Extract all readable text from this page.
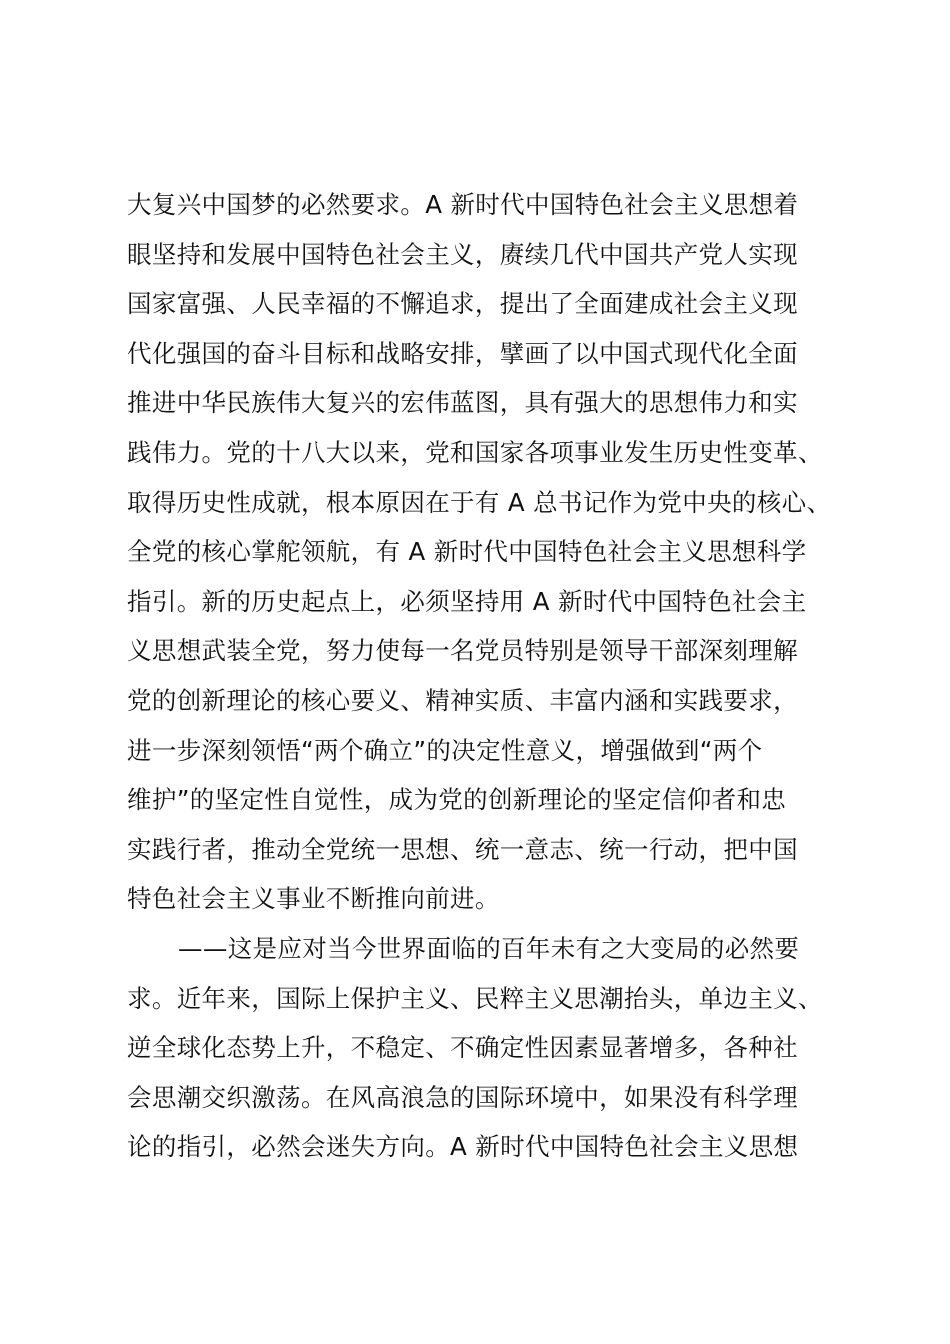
大复兴中国梦的必然要求。A 新时代中国特色社会主义思想着
眼坚持和发展中国特色社会主义，赓续几代中国共产党人实现
国家富强、人民幸福的不懈追求，提出了全面建成社会主义现
代化强国的奋斗目标和战略安排，擘画了以中国式现代化全面
推进中华民族伟大复兴的宏伟蓝图，具有强大的思想伟力和实
践伟力。党的十八大以来，党和国家各项事业发生历史性变革、
取得历史性成就，根本原因在于有 A 总书记作为党中央的核心、
全党的核心掌舵领航，有 A 新时代中国特色社会主义思想科学
指引。新的历史起点上，必须坚持用 A 新时代中国特色社会主
义思想武装全党，努力使每一名党员特别是领导干部深刻理解
党的创新理论的核心要义、精神实质、丰富内涵和实践要求，
进一步深刻领悟“两个确立”的决定性意义，增强做到“两个
维护”的坚定性自觉性，成为党的创新理论的坚定信仰者和忠
实践行者，推动全党统一思想、统一意志、统一行动，把中国
特色社会主义事业不断推向前进。
——这是应对当今世界面临的百年未有之大变局的必然要
求。近年来，国际上保护主义、民粹主义思潮抬头，单边主义、
逆全球化态势上升，不稳定、不确定性因素显著增多，各种社
会思潮交织激荡。在风高浪急的国际环境中，如果没有科学理
论的指引，必然会迷失方向。A 新时代中国特色社会主义思想
